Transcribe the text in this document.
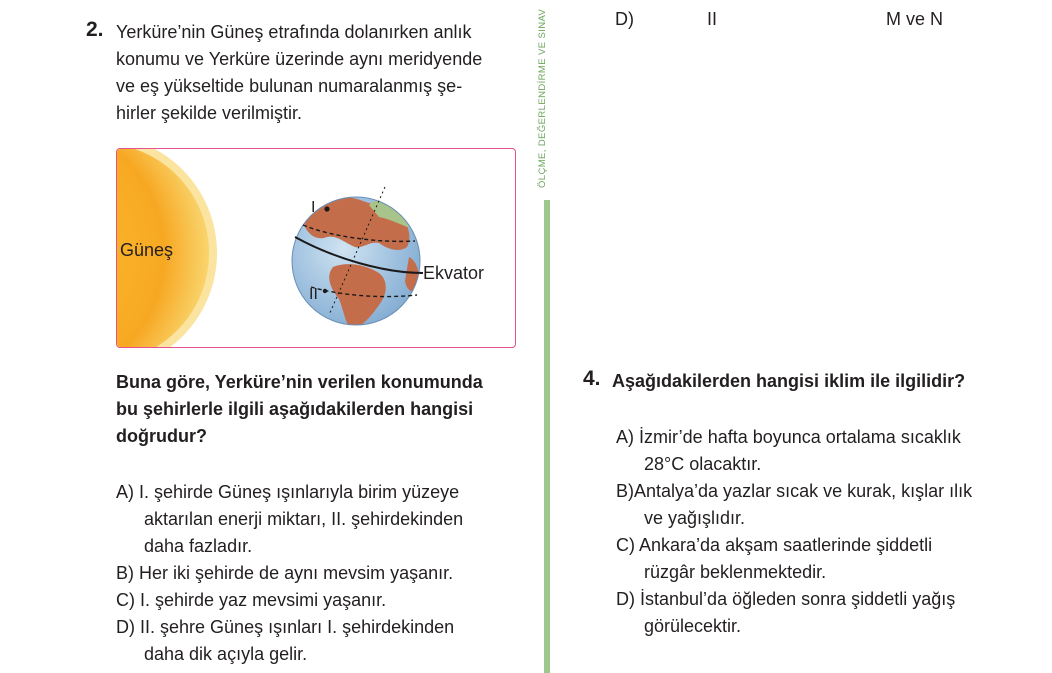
ÖLÇME, DEĞERLENDİRME VE SINAV	D)	II	M ve N
2. Yerküre’nin Güneş etrafında dolanırken anlık
konumu ve Yerküre üzerinde aynı meridyende
ve eş yükseltide bulunan numaralanmış şe-
hirler şekilde verilmiştir.
Güneş
Ekvator
I
II
Buna göre, Yerküre’nin verilen konumunda
bu şehirlerle ilgili aşağıdakilerden hangisi
doğrudur?
A) I. şehirde Güneş ışınlarıyla birim yüzeye
aktarılan enerji miktarı, II. şehirdekinden
daha fazladır.
B) Her iki şehirde de aynı mevsim yaşanır.
C) I. şehirde yaz mevsimi yaşanır.
D) II. şehre Güneş ışınları I. şehirdekinden
daha dik açıyla gelir.
4. Aşağıdakilerden hangisi iklim ile ilgilidir?
A) İzmir’de hafta boyunca ortalama sıcaklık
28°C olacaktır.
B)Antalya’da yazlar sıcak ve kurak, kışlar ılık
ve yağışlıdır.
C) Ankara’da akşam saatlerinde şiddetli
rüzgâr beklenmektedir.
D) İstanbul’da öğleden sonra şiddetli yağış
görülecektir.
